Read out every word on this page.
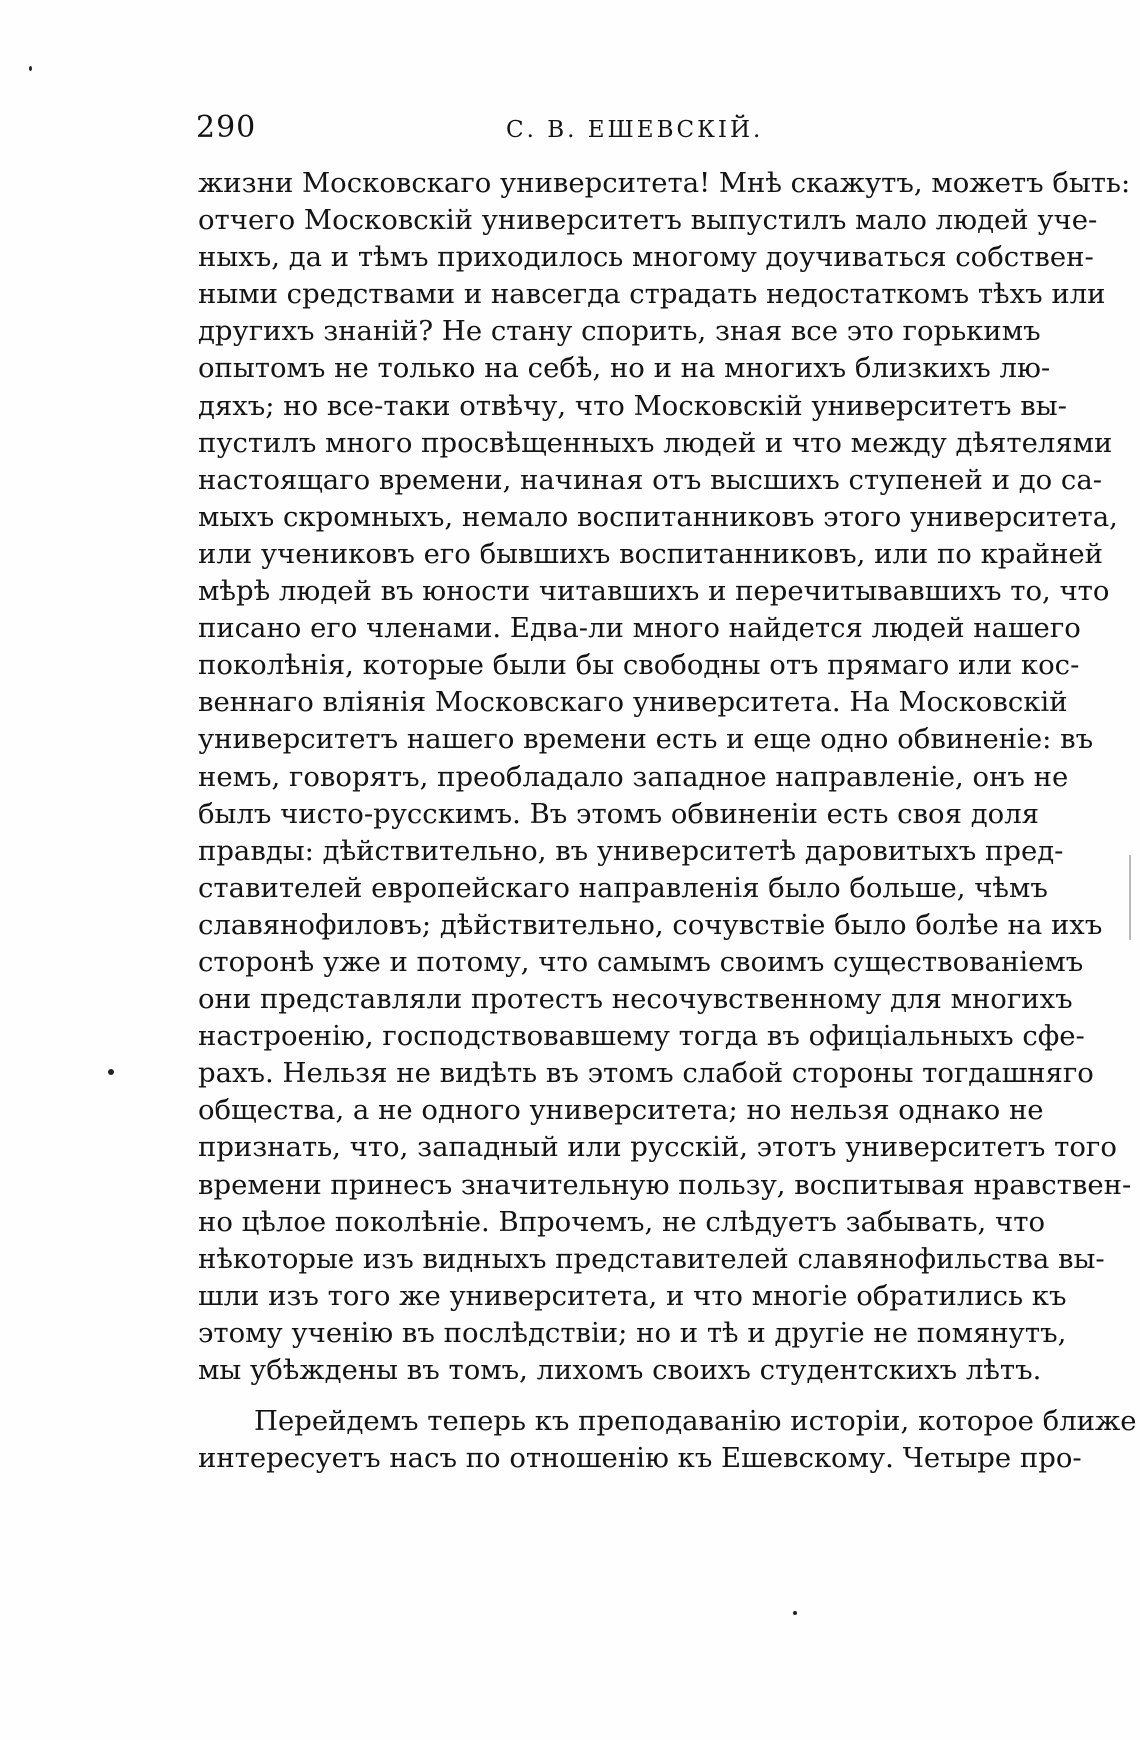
290	С. В. ЕШЕВСКІЙ.
жизни Московскаго университета! Мнѣ скажутъ, можетъ быть:
отчего Московскій университетъ выпустилъ мало людей уче-
ныхъ, да и тѣмъ приходилось многому доучиваться собствен-
ными средствами и навсегда страдать недостаткомъ тѣхъ или
другихъ знаній? Не стану спорить, зная все это горькимъ
опытомъ не только на себѣ, но и на многихъ близкихъ лю-
дяхъ; но все-таки отвѣчу, что Московскій университетъ вы-
пустилъ много просвѣщенныхъ людей и что между дѣятелями
настоящаго времени, начиная отъ высшихъ ступеней и до са-
мыхъ скромныхъ, немало воспитанниковъ этого университета,
или учениковъ его бывшихъ воспитанниковъ, или по крайней
мѣрѣ людей въ юности читавшихъ и перечитывавшихъ то, что
писано его членами. Едва-ли много найдется людей нашего
поколѣнія, которые были бы свободны отъ прямаго или кос-
веннаго вліянія Московскаго университета. На Московскій
университетъ нашего времени есть и еще одно обвиненіе: въ
немъ, говорятъ, преобладало западное направленіе, онъ не
былъ чисто-русскимъ. Въ этомъ обвиненіи есть своя доля
правды: дѣйствительно, въ университетѣ даровитыхъ пред-
ставителей европейскаго направленія было больше, чѣмъ
славянофиловъ; дѣйствительно, сочувствіе было болѣе на ихъ
сторонѣ уже и потому, что самымъ своимъ существованіемъ
они представляли протестъ несочувственному для многихъ
настроенію, господствовавшему тогда въ офиціальныхъ сфе-
рахъ. Нельзя не видѣть въ этомъ слабой стороны тогдашняго
общества, а не одного университета; но нельзя однако не
признать, что, западный или русскій, этотъ университетъ того
времени принесъ значительную пользу, воспитывая нравствен-
но цѣлое поколѣніе. Впрочемъ, не слѣдуетъ забывать, что
нѣкоторые изъ видныхъ представителей славянофильства вы-
шли изъ того же университета, и что многіе обратились къ
этому ученію въ послѣдствіи; но и тѣ и другіе не помянутъ,
мы убѣждены въ томъ, лихомъ своихъ студентскихъ лѣтъ.
Перейдемъ теперь къ преподаванію исторіи, которое ближе
интересуетъ насъ по отношенію къ Ешевскому. Четыре про-
